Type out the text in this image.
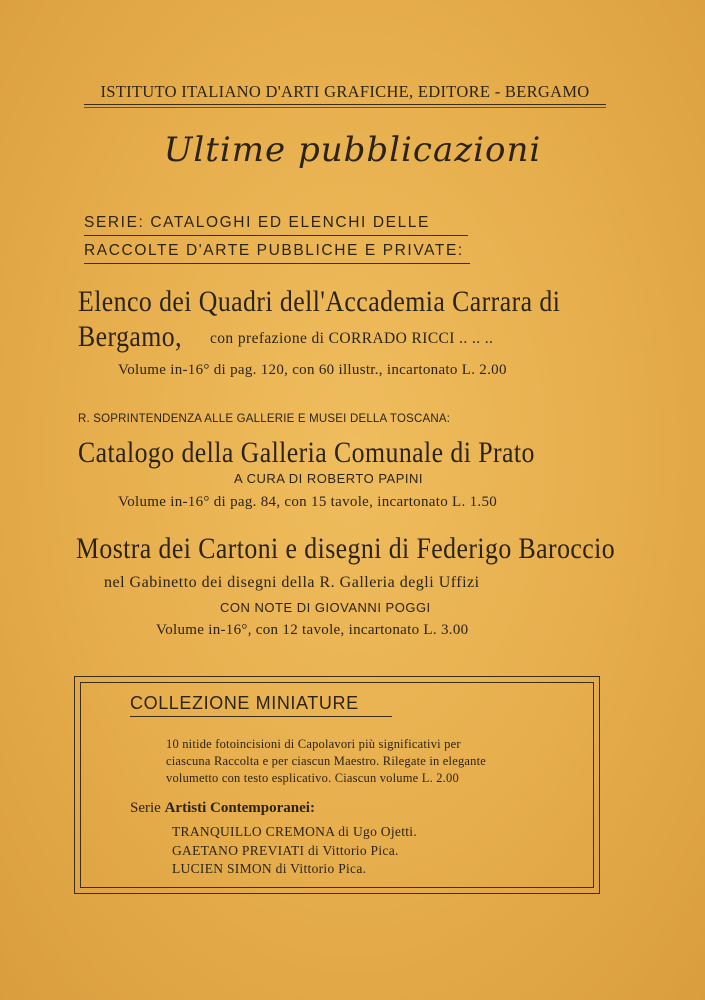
ISTITUTO ITALIANO D'ARTI GRAFICHE, EDITORE - BERGAMO
Ultime pubblicazioni
SERIE: CATALOGHI ED ELENCHI DELLE
RACCOLTE D'ARTE PUBBLICHE E PRIVATE:
Elenco dei Quadri dell'Accademia Carrara di
Bergamo, con prefazione di CORRADO RICCI .. .. ..
Volume in-16° di pag. 120, con 60 illustr., incartonato L. 2.00
R. SOPRINTENDENZA ALLE GALLERIE E MUSEI DELLA TOSCANA:
Catalogo della Galleria Comunale di Prato
A CURA DI ROBERTO PAPINI
Volume in-16° di pag. 84, con 15 tavole, incartonato L. 1.50
Mostra dei Cartoni e disegni di Federigo Baroccio
nel Gabinetto dei disegni della R. Galleria degli Uffizi
CON NOTE DI GIOVANNI POGGI
Volume in-16°, con 12 tavole, incartonato L. 3.00
COLLEZIONE MINIATURE
10 nitide fotoincisioni di Capolavori più significativi per
ciascuna Raccolta e per ciascun Maestro. Rilegate in elegante
volumetto con testo esplicativo. Ciascun volume L. 2.00
Serie Artisti Contemporanei:
TRANQUILLO CREMONA di Ugo Ojetti.
GAETANO PREVIATI di Vittorio Pica.
LUCIEN SIMON di Vittorio Pica.
